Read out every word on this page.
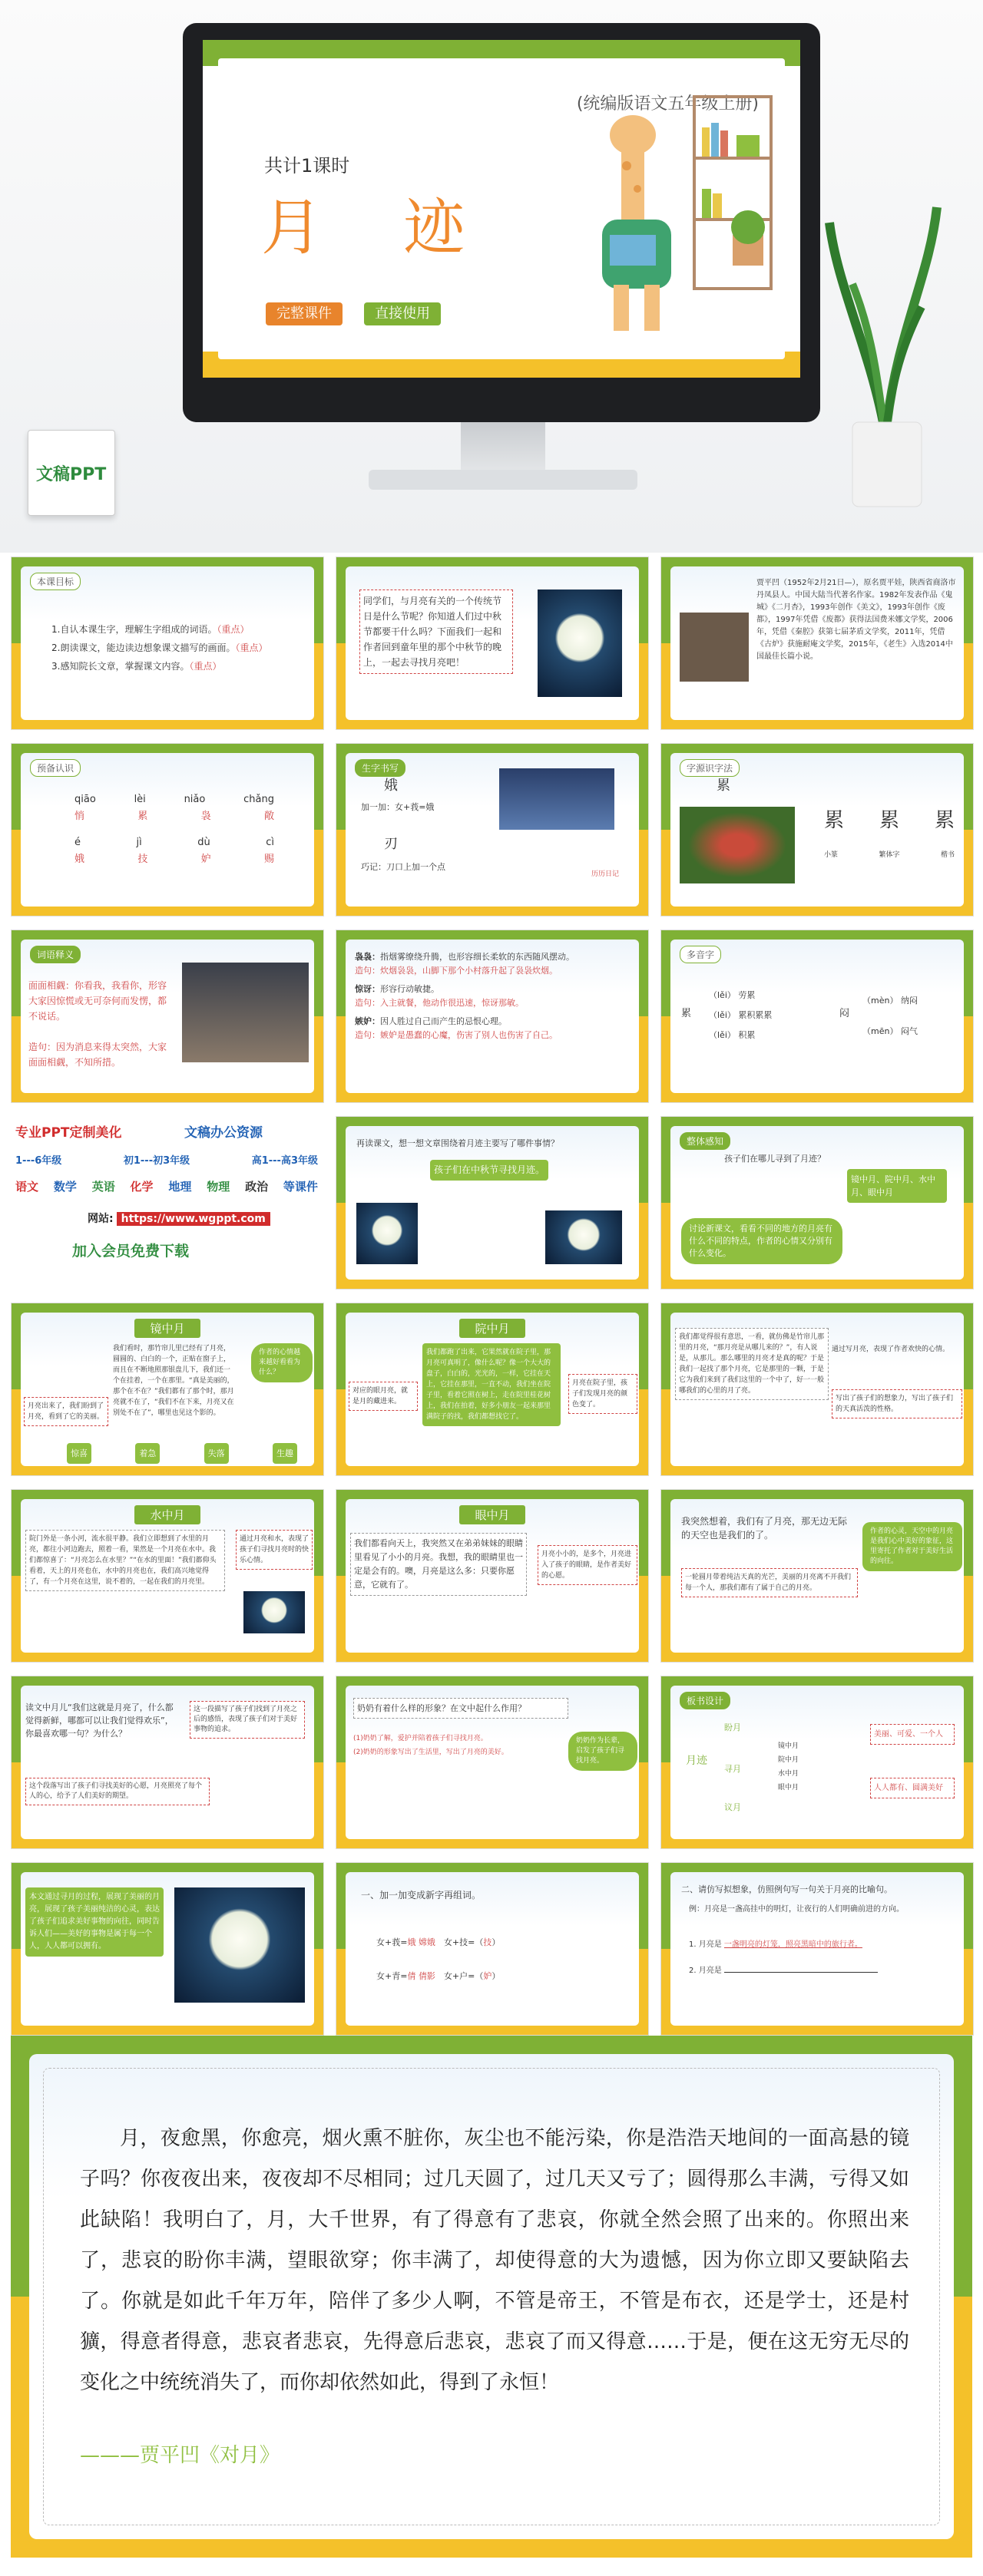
(统编版语文五年级上册)
共计1课时
月 迹
完整课件	直接使用
文稿PPT
本课目标
1.自认本课生字，理解生字组成的词语。（重点）
2.朗读课文，能边读边想象课文描写的画面。（重点）
3.感知院长文章，掌握课文内容。（重点）
同学们，与月亮有关的一个传统节日是什么节呢？你知道人们过中秋节都要干什么吗？下面我们一起和作者回到童年里的那个中秋节的晚上，一起去寻找月亮吧！
贾平凹（1952年2月21日—），原名贾平娃，陕西省商洛市丹凤县人。中国大陆当代著名作家。1982年发表作品《鬼城》《二月杏》，1993年创作《美文》，1993年创作《废都》，1997年凭借《废都》获得法国费米娜文学奖，2006年，凭借《秦腔》获第七届茅盾文学奖，2011年，凭借《古炉》获施耐庵文学奖，2015年，《老生》入选2014中国最佳长篇小说。
预备认识
qiāo	lèi	niǎo	chǎng
悄	累	袅	敞
é	jì	dù	cì
娥	技	妒	赐
生字书写
娥
加一加：女+莪=娥
刃
巧记：刀口上加一个点
历历日记
字源识字法
累
累 累 累
小篆	繁体字	楷书
词语释义
面面相觑：你看我，我看你，形容大家因惊慌或无可奈何而发愣，都不说话。
造句：因为消息来得太突然，大家面面相觑，不知所措。
袅袅：指烟雾缭绕升腾，也形容细长柔软的东西随风摆动。
造句：炊烟袅袅，山脚下那个小村落升起了袅袅炊烟。
惊讶：形容行动敏捷。
造句：入主就餐，他动作很迅速，惊讶那敏。
嫉妒：因人胜过自己而产生的忌恨心理。
造句：嫉妒是愚蠢的心魔，伤害了别人也伤害了自己。
多音字
累
（lěi） 劳累
（lěi） 累积累累
（lěi） 积累
闷
（mèn） 纳闷
（mēn） 闷气
专业PPT定制美化	文稿办公资源
1---6年级	初1---初3年级	高1---高3年级
语文 数学 英语 化学 地理 物理 政治 等课件
网站: https://www.wgppt.com
加入会员免费下载
再读课文，想一想文章围绕着月迹主要写了哪件事情？
孩子们在中秋节寻找月迹。
整体感知
孩子们在哪儿寻到了月迹？
镜中月、院中月、水中月、眼中月
讨论新课文，看看不同的地方的月亮有什么不同的特点，作者的心情又分别有什么变化。
镜中月
我们看时，那竹帘儿里已经有了月亮，圆圆的、白白的一个，正贴在窗子上，而且在不断地照那银盘儿下，我们还一个在挂着，一个在那里。“真是美丽的，那个在不在？”我们都有了那个时，那月亮就不在了，“我们不在下来，月亮又在别处不在了”，哪里也见这个影的。
月亮出来了，我们盼到了月亮，看到了它的美丽。
作者的心情越来越好看看为什么？
惊喜	着急	失落	生趣
院中月
我们都跑了出来，它果然就在院子里，那月亮可真明了，像什么呢？像一个大大的盘子，白白的，光光的，一样，它挂在天上，它挂在那里，一直不动，我们坐在院子里，看着它照在树上，走在院里桂花树上，我们在拍着，好多小朋友一起来那里满院子的找，我们都想找它了。
对应的眼月亮，就是月的藏进来。
月亮在院子里，孩子们发现月亮的颜色变了。
我们都觉得很有意思，一看，就仿佛是竹帘儿那里的月亮，“那月亮是从哪儿来的？”，有人说是，从那儿。那么哪里的月亮才是真的呢？于是我们一起找了那个月亮，它是那里的一颗，于是它为我们来到了我们这里的一个中了，好一一般哪我们的心里的月了亮。
通过写月亮，表现了作者欢快的心情。
写出了孩子们的想象力，写出了孩子们的天真活泼的性格。
水中月
院门外是一条小河，流水很平静。我们立即想到了水里的月亮，都往小河边跑去，照着一看，果然是一个月亮在水中。我们都惊喜了：“月亮怎么在水里？”“在水的里面！”我们都仰头看着，天上的月亮也在，水中的月亮也在，我们高兴地觉得了，有一个月亮在这里，说不着的，一起在我们的月亮里。
通过月亮和水，表现了孩子们寻找月亮时的快乐心情。
眼中月
我们都看向天上，我突然又在弟弟妹妹的眼睛里看见了小小的月亮。我想，我的眼睛里也一定是会有的。噢，月亮是这么多：只要你愿意，它就有了。
月亮小小的，是多个，月亮进入了孩子的眼睛，是作者美好的心愿。
我突然想着，我们有了月亮，那无边无际的天空也是我们的了。
一轮圆月带着纯洁天真的光芒，美丽的月亮离不开我们每一个人，那我们都有了属于自己的月亮。
作者的心灵，天空中的月亮是我们心中美好的象征，这里寄托了作者对于美好生活的向往。
读文中月儿“我们这就是月亮了，什么都觉得新鲜，哪都可以让我们觉得欢乐”，你最喜欢哪一句？为什么？
这一段描写了孩子们找到了月亮之后的感悟，表现了孩子们对于美好事物的追求。
这个段落写出了孩子们寻找美好的心愿，月亮照亮了每个人的心，给予了人们美好的期望。
奶奶有着什么样的形象？在文中起什么作用？
(1)奶奶了解，爱护并陪着孩子们寻找月亮。
(2)奶奶的形象写出了生活里，写出了月亮的美好。
奶奶作为长辈，启发了孩子们寻找月亮。
板书设计
月迹
盼月
寻月
议月
镜中月
院中月
水中月
眼中月
美丽、可爱、一个人
人人都有、圆满美好
本文通过寻月的过程，展现了美丽的月亮，展现了孩子美丽纯洁的心灵，表达了孩子们追求美好事物的向往，同时告诉人们——美好的事物是属于每一个人，人人都可以拥有。
一、加一加变成新字再组词。
女+莪=娥 嫦娥　 女+技=（技）
女+青=倩 倩影　 女+户=（妒）
二、请仿写拟想象，仿照例句写一句关于月亮的比喻句。
例：月亮是一盏高挂中的明灯，让夜行的人们明确前进的方向。
1. 月亮是 一盏明亮的灯笼，照亮黑暗中的旅行者。
2. 月亮是
月，夜愈黑，你愈亮，烟火熏不脏你，灰尘也不能污染，你是浩浩天地间的一面高悬的镜子吗？你夜夜出来，夜夜却不尽相同；过几天圆了，过几天又亏了；圆得那么丰满，亏得又如此缺陷！我明白了，月，大千世界，有了得意有了悲哀，你就全然会照了出来的。你照出来了，悲哀的盼你丰满，望眼欲穿；你丰满了，却使得意的大为遗憾，因为你立即又要缺陷去了。你就是如此千年万年，陪伴了多少人啊，不管是帝王，不管是布衣，还是学士，还是村獷，得意者得意，悲哀者悲哀，先得意后悲哀，悲哀了而又得意……于是，便在这无穷无尽的变化之中统统消失了，而你却依然如此，得到了永恒！
———贾平凹《对月》
